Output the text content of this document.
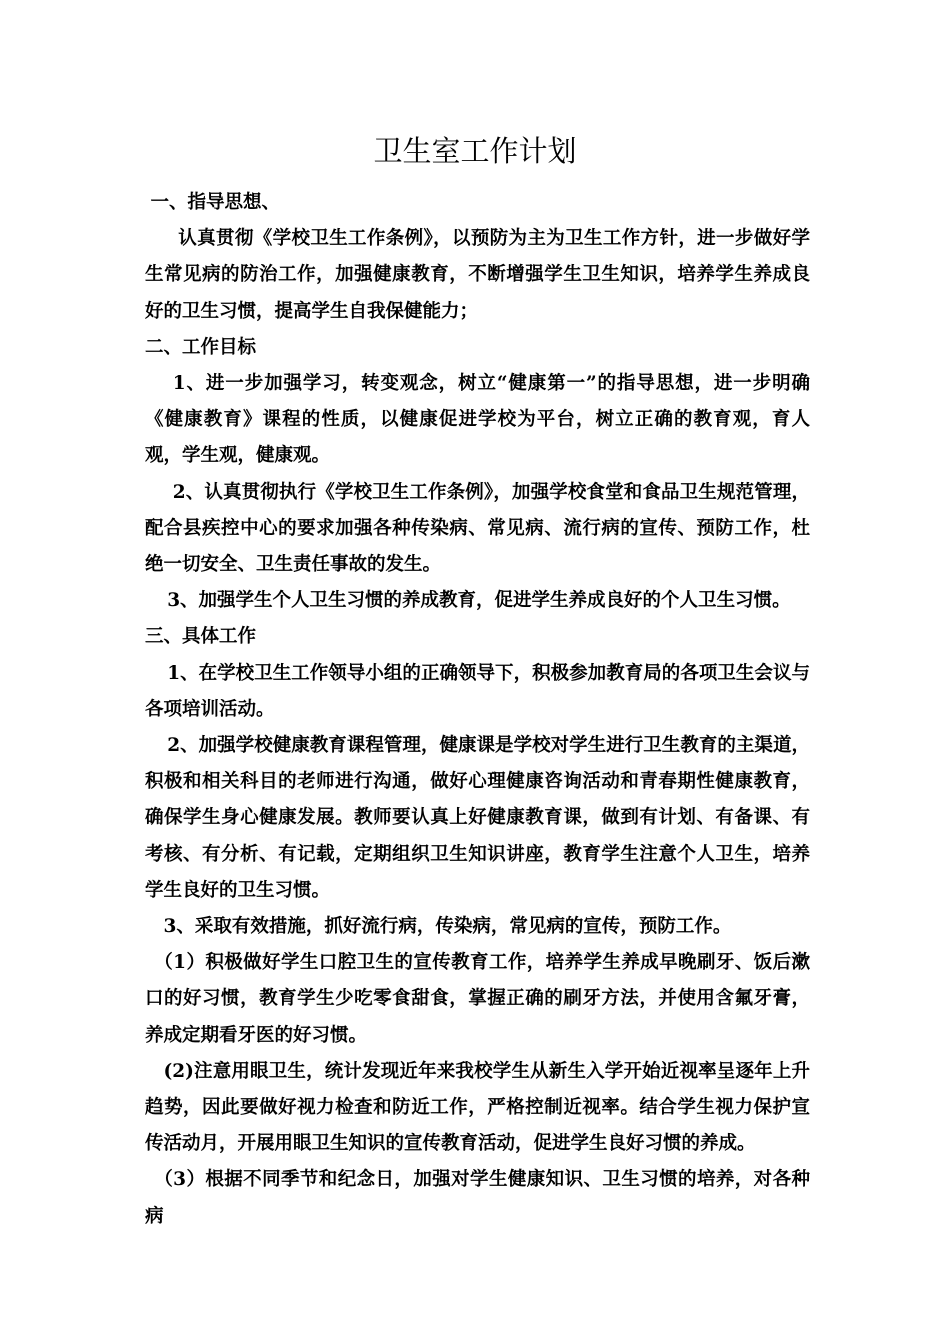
卫生室工作计划

一、指导思想、

认真贯彻《学校卫生工作条例》，以预防为主为卫生工作方针，进一步做好学生常见病的防治工作，加强健康教育，不断增强学生卫生知识，培养学生养成良好的卫生习惯，提高学生自我保健能力；

二、工作目标

1、进一步加强学习，转变观念，树立“健康第一”的指导思想，进一步明确《健康教育》课程的性质，以健康促进学校为平台，树立正确的教育观，育人观，学生观，健康观。

2、认真贯彻执行《学校卫生工作条例》，加强学校食堂和食品卫生规范管理，配合县疾控中心的要求加强各种传染病、常见病、流行病的宣传、预防工作，杜绝一切安全、卫生责任事故的发生。

3、加强学生个人卫生习惯的养成教育，促进学生养成良好的个人卫生习惯。

三、具体工作

1、在学校卫生工作领导小组的正确领导下，积极参加教育局的各项卫生会议与各项培训活动。

2、加强学校健康教育课程管理，健康课是学校对学生进行卫生教育的主渠道，积极和相关科目的老师进行沟通，做好心理健康咨询活动和青春期性健康教育，确保学生身心健康发展。教师要认真上好健康教育课，做到有计划、有备课、有考核、有分析、有记载，定期组织卫生知识讲座，教育学生注意个人卫生，培养学生良好的卫生习惯。

3、采取有效措施，抓好流行病，传染病，常见病的宣传，预防工作。

（1）积极做好学生口腔卫生的宣传教育工作，培养学生养成早晚刷牙、饭后漱口的好习惯，教育学生少吃零食甜食，掌握正确的刷牙方法，并使用含氟牙膏，养成定期看牙医的好习惯。

(2)注意用眼卫生，统计发现近年来我校学生从新生入学开始近视率呈逐年上升趋势，因此要做好视力检查和防近工作，严格控制近视率。结合学生视力保护宣传活动月，开展用眼卫生知识的宣传教育活动，促进学生良好习惯的养成。

（3）根据不同季节和纪念日，加强对学生健康知识、卫生习惯的培养，对各种病
